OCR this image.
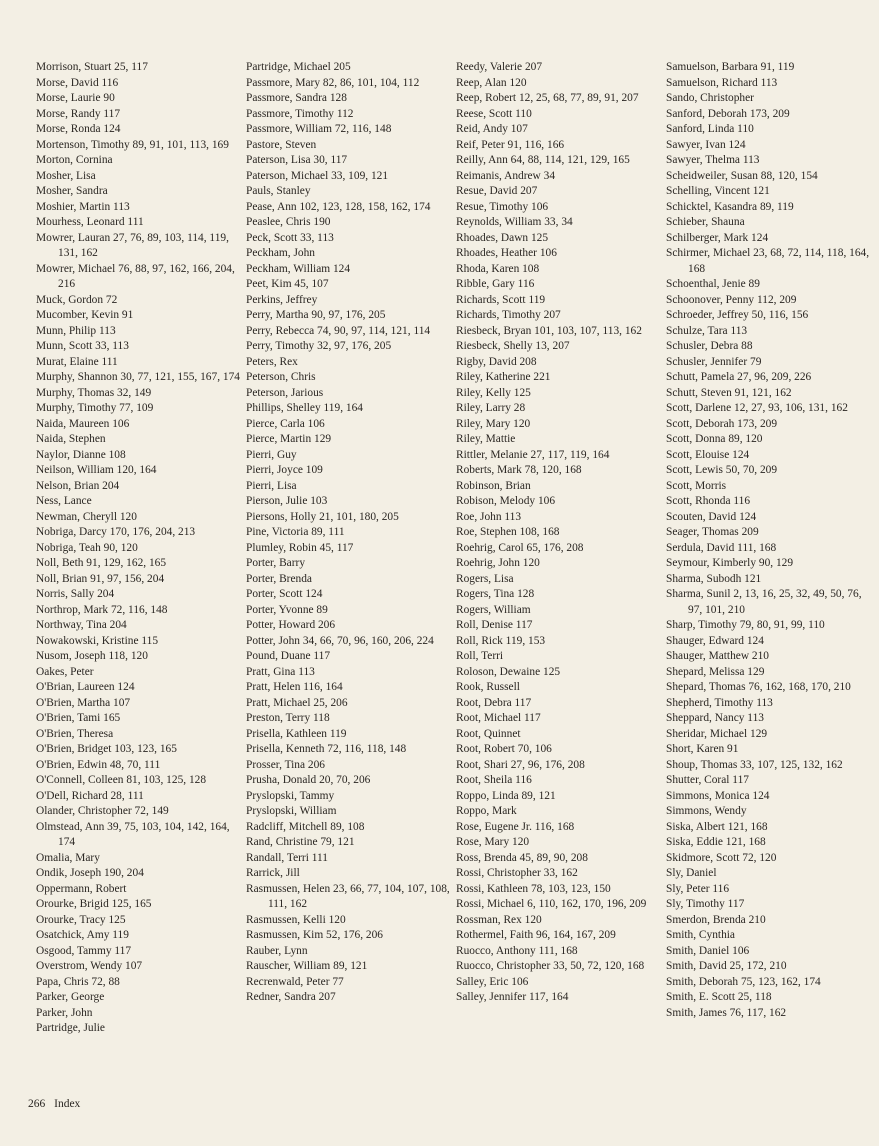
Morrison, Stuart 25, 117
Morse, David 116
Morse, Laurie 90
Morse, Randy 117
Morse, Ronda 124
Mortenson, Timothy 89, 91, 101, 113, 169
Morton, Cornina
Mosher, Lisa
Mosher, Sandra
Moshier, Martin 113
Mourhess, Leonard 111
Mowrer, Lauran 27, 76, 89, 103, 114, 119, 131, 162
Mowrer, Michael 76, 88, 97, 162, 166, 204, 216
Muck, Gordon 72
Mucomber, Kevin 91
Munn, Philip 113
Munn, Scott 33, 113
Murat, Elaine 111
Murphy, Shannon 30, 77, 121, 155, 167, 174
Murphy, Thomas 32, 149
Murphy, Timothy 77, 109
Naida, Maureen 106
Naida, Stephen
Naylor, Dianne 108
Neilson, William 120, 164
Nelson, Brian 204
Ness, Lance
Newman, Cheryll 120
Nobriga, Darcy 170, 176, 204, 213
Nobriga, Teah 90, 120
Noll, Beth 91, 129, 162, 165
Noll, Brian 91, 97, 156, 204
Norris, Sally 204
Northrop, Mark 72, 116, 148
Northway, Tina 204
Nowakowski, Kristine 115
Nusom, Joseph 118, 120
Oakes, Peter
O'Brian, Laureen 124
O'Brien, Martha 107
O'Brien, Tami 165
O'Brien, Theresa
O'Brien, Bridget 103, 123, 165
O'Brien, Edwin 48, 70, 111
O'Connell, Colleen 81, 103, 125, 128
O'Dell, Richard 28, 111
Olander, Christopher 72, 149
Olmstead, Ann 39, 75, 103, 104, 142, 164, 174
Omalia, Mary
Ondik, Joseph 190, 204
Oppermann, Robert
Orourke, Brigid 125, 165
Orourke, Tracy 125
Osatchick, Amy 119
Osgood, Tammy 117
Overstrom, Wendy 107
Papa, Chris 72, 88
Parker, George
Parker, John
Partridge, Julie
Partridge, Michael 205
Passmore, Mary 82, 86, 101, 104, 112
Passmore, Sandra 128
Passmore, Timothy 112
Passmore, William 72, 116, 148
Pastore, Steven
Paterson, Lisa 30, 117
Paterson, Michael 33, 109, 121
Pauls, Stanley
Pease, Ann 102, 123, 128, 158, 162, 174
Peaslee, Chris 190
Peck, Scott 33, 113
Peckham, John
Peckham, William 124
Peet, Kim 45, 107
Perkins, Jeffrey
Perry, Martha 90, 97, 176, 205
Perry, Rebecca 74, 90, 97, 114, 121, 114
Perry, Timothy 32, 97, 176, 205
Peters, Rex
Peterson, Chris
Peterson, Jarious
Phillips, Shelley 119, 164
Pierce, Carla 106
Pierce, Martin 129
Pierri, Guy
Pierri, Joyce 109
Pierri, Lisa
Pierson, Julie 103
Piersons, Holly 21, 101, 180, 205
Pine, Victoria 89, 111
Plumley, Robin 45, 117
Porter, Barry
Porter, Brenda
Porter, Scott 124
Porter, Yvonne 89
Potter, Howard 206
Potter, John 34, 66, 70, 96, 160, 206, 224
Pound, Duane 117
Pratt, Gina 113
Pratt, Helen 116, 164
Pratt, Michael 25, 206
Preston, Terry 118
Prisella, Kathleen 119
Prisella, Kenneth 72, 116, 118, 148
Prosser, Tina 206
Prusha, Donald 20, 70, 206
Pryslopski, Tammy
Pryslopski, William
Radcliff, Mitchell 89, 108
Rand, Christine 79, 121
Randall, Terri 111
Rarrick, Jill
Rasmussen, Helen 23, 66, 77, 104, 107, 108, 111, 162
Rasmussen, Kelli 120
Rasmussen, Kim 52, 176, 206
Rauber, Lynn
Rauscher, William 89, 121
Recrenwald, Peter 77
Redner, Sandra 207
Reedy, Valerie 207
Reep, Alan 120
Reep, Robert 12, 25, 68, 77, 89, 91, 207
Reese, Scott 110
Reid, Andy 107
Reif, Peter 91, 116, 166
Reilly, Ann 64, 88, 114, 121, 129, 165
Reimanis, Andrew 34
Resue, David 207
Resue, Timothy 106
Reynolds, William 33, 34
Rhoades, Dawn 125
Rhoades, Heather 106
Rhoda, Karen 108
Ribble, Gary 116
Richards, Scott 119
Richards, Timothy 207
Riesbeck, Bryan 101, 103, 107, 113, 162
Riesbeck, Shelly 13, 207
Rigby, David 208
Riley, Katherine 221
Riley, Kelly 125
Riley, Larry 28
Riley, Mary 120
Riley, Mattie
Rittler, Melanie 27, 117, 119, 164
Roberts, Mark 78, 120, 168
Robinson, Brian
Robison, Melody 106
Roe, John 113
Roe, Stephen 108, 168
Roehrig, Carol 65, 176, 208
Roehrig, John 120
Rogers, Lisa
Rogers, Tina 128
Rogers, William
Roll, Denise 117
Roll, Rick 119, 153
Roll, Terri
Roloson, Dewaine 125
Rook, Russell
Root, Debra 117
Root, Michael 117
Root, Quinnet
Root, Robert 70, 106
Root, Shari 27, 96, 176, 208
Root, Sheila 116
Roppo, Linda 89, 121
Roppo, Mark
Rose, Eugene Jr. 116, 168
Rose, Mary 120
Ross, Brenda 45, 89, 90, 208
Rossi, Christopher 33, 162
Rossi, Kathleen 78, 103, 123, 150
Rossi, Michael 6, 110, 162, 170, 196, 209
Rossman, Rex 120
Rothermel, Faith 96, 164, 167, 209
Ruocco, Anthony 111, 168
Ruocco, Christopher 33, 50, 72, 120, 168
Salley, Eric 106
Salley, Jennifer 117, 164
Samuelson, Barbara 91, 119
Samuelson, Richard 113
Sando, Christopher
Sanford, Deborah 173, 209
Sanford, Linda 110
Sawyer, Ivan 124
Sawyer, Thelma 113
Scheidweiler, Susan 88, 120, 154
Schelling, Vincent 121
Schicktel, Kasandra 89, 119
Schieber, Shauna
Schilberger, Mark 124
Schirmer, Michael 23, 68, 72, 114, 118, 164, 168
Schoenthal, Jenie 89
Schoonover, Penny 112, 209
Schroeder, Jeffrey 50, 116, 156
Schulze, Tara 113
Schusler, Debra 88
Schusler, Jennifer 79
Schutt, Pamela 27, 96, 209, 226
Schutt, Steven 91, 121, 162
Scott, Darlene 12, 27, 93, 106, 131, 162
Scott, Deborah 173, 209
Scott, Donna 89, 120
Scott, Elouise 124
Scott, Lewis 50, 70, 209
Scott, Morris
Scott, Rhonda 116
Scouten, David 124
Seager, Thomas 209
Serdula, David 111, 168
Seymour, Kimberly 90, 129
Sharma, Subodh 121
Sharma, Sunil 2, 13, 16, 25, 32, 49, 50, 76, 97, 101, 210
Sharp, Timothy 79, 80, 91, 99, 110
Shauger, Edward 124
Shauger, Matthew 210
Shepard, Melissa 129
Shepard, Thomas 76, 162, 168, 170, 210
Shepherd, Timothy 113
Sheppard, Nancy 113
Sheridar, Michael 129
Short, Karen 91
Shoup, Thomas 33, 107, 125, 132, 162
Shutter, Coral 117
Simmons, Monica 124
Simmons, Wendy
Siska, Albert 121, 168
Siska, Eddie 121, 168
Skidmore, Scott 72, 120
Sly, Daniel
Sly, Peter 116
Sly, Timothy 117
Smerdon, Brenda 210
Smith, Cynthia
Smith, Daniel 106
Smith, David 25, 172, 210
Smith, Deborah 75, 123, 162, 174
Smith, E. Scott 25, 118
Smith, James 76, 117, 162
266 Index
